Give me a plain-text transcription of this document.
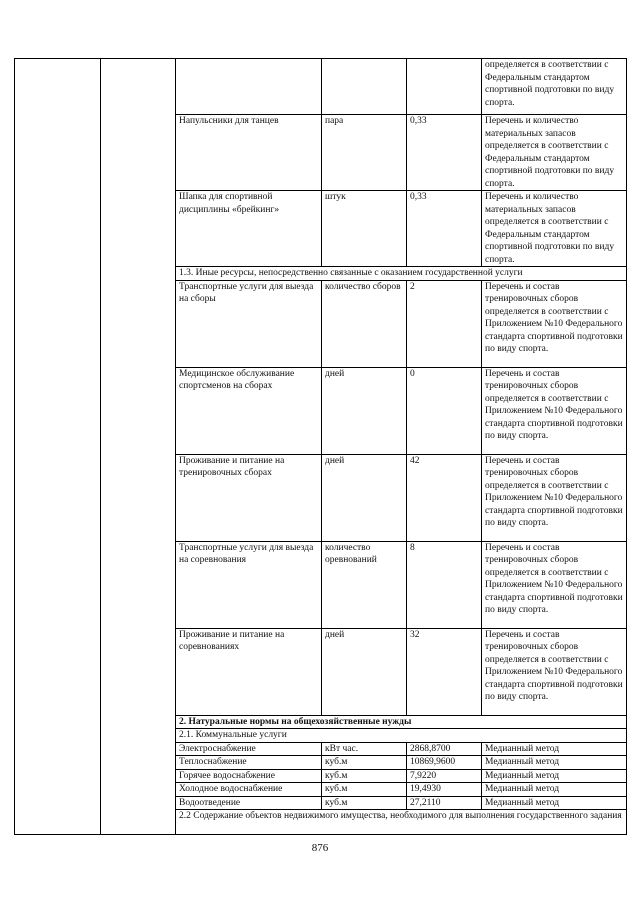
					определяется в соответствии с Федеральным стандартом спортивной подготовки по виду спорта.
		Напульсники для танцев	пара	0,33	Перечень и количество материальных запасов определяется в соответствии с Федеральным стандартом спортивной подготовки по виду спорта.
		Шапка для спортивной дисциплины «брейкинг»	штук	0,33	Перечень и количество материальных запасов определяется в соответствии с Федеральным стандартом спортивной подготовки по виду спорта.
		1.3. Иные ресурсы, непосредственно связанные с оказанием государственной услуги			
		Транспортные услуги для выезда на сборы	количество сборов	2	Перечень и состав тренировочных сборов определяется в соответствии с Приложением №10 Федерального стандарта спортивной подготовки по виду спорта.
		Медицинское обслуживание спортсменов на сборах	дней	0	Перечень и состав тренировочных сборов определяется в соответствии с Приложением №10 Федерального стандарта спортивной подготовки по виду спорта.
		Проживание и питание на тренировочных сборах	дней	42	Перечень и состав тренировочных сборов определяется в соответствии с Приложением №10 Федерального стандарта спортивной подготовки по виду спорта.
		Транспортные услуги для выезда на соревнования	количество оревнований	8	Перечень и состав тренировочных сборов определяется в соответствии с Приложением №10 Федерального стандарта спортивной подготовки по виду спорта.
		Проживание и питание на соревнованиях	дней	32	Перечень и состав тренировочных сборов определяется в соответствии с Приложением №10 Федерального стандарта спортивной подготовки по виду спорта.
		2. Натуральные нормы на общехозяйственные нужды			
		2.1. Коммунальные услуги			
		Электроснабжение	кВт час.	2868,8700	Медианный метод
		Теплоснабжение	куб.м	10869,9600	Медианный метод
		Горячее водоснабжение	куб.м	7,9220	Медианный метод
		Холодное водоснабжение	куб.м	19,4930	Медианный метод
		Водоотведение	куб.м	27,2110	Медианный метод
		2.2 Содержание объектов недвижимого имущества, необходимого для выполнения государственного задания			
876
